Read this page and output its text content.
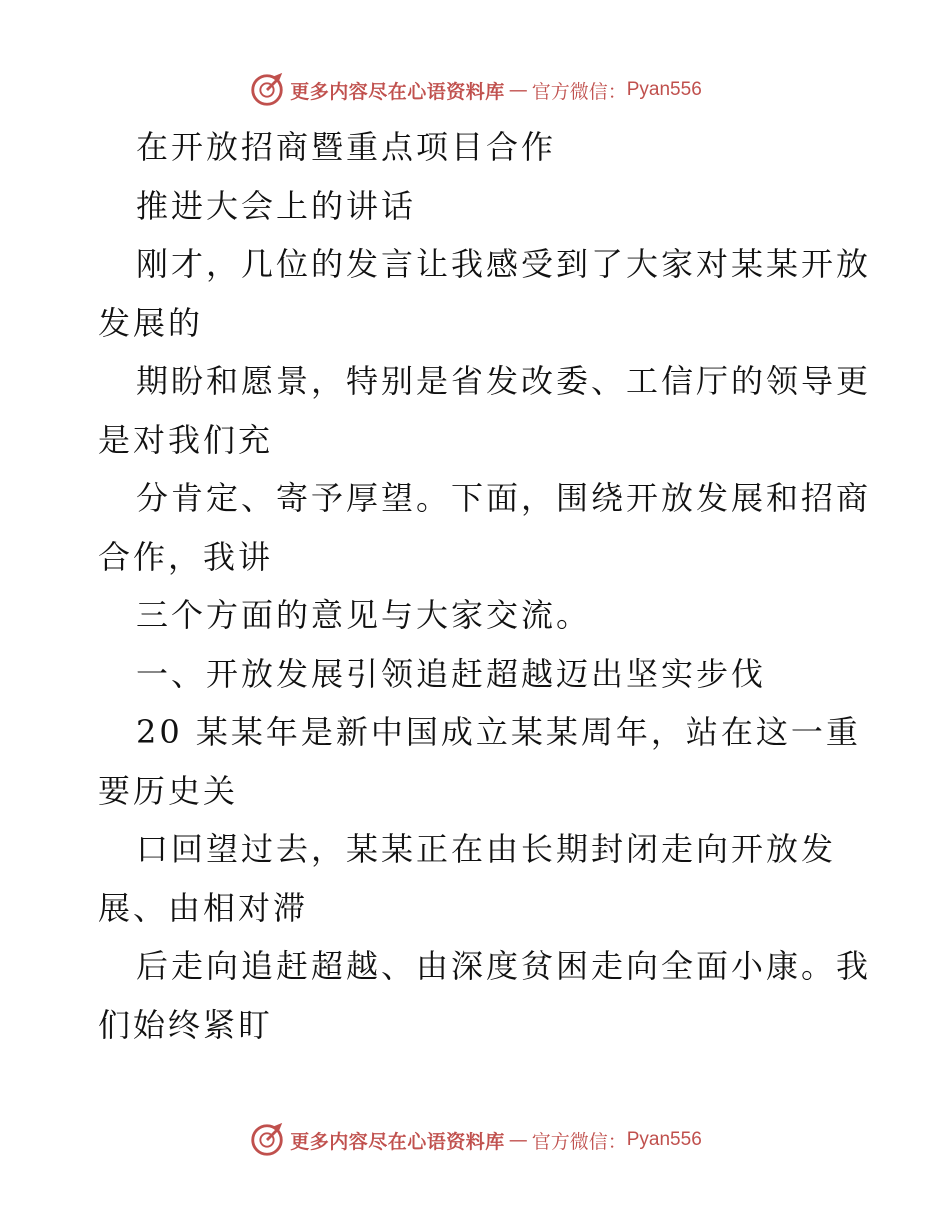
更多内容尽在心语资料库 — 官方微信： Pyan556
在开放招商暨重点项目合作
推进大会上的讲话
刚才，几位的发言让我感受到了大家对某某开放
发展的
期盼和愿景，特别是省发改委、工信厅的领导更
是对我们充
分肯定、寄予厚望。下面，围绕开放发展和招商
合作，我讲
三个方面的意见与大家交流。
一、开放发展引领追赶超越迈出坚实步伐
20 某某年是新中国成立某某周年，站在这一重
要历史关
口回望过去，某某正在由长期封闭走向开放发
展、由相对滞
后走向追赶超越、由深度贫困走向全面小康。我
们始终紧盯
更多内容尽在心语资料库 — 官方微信： Pyan556
